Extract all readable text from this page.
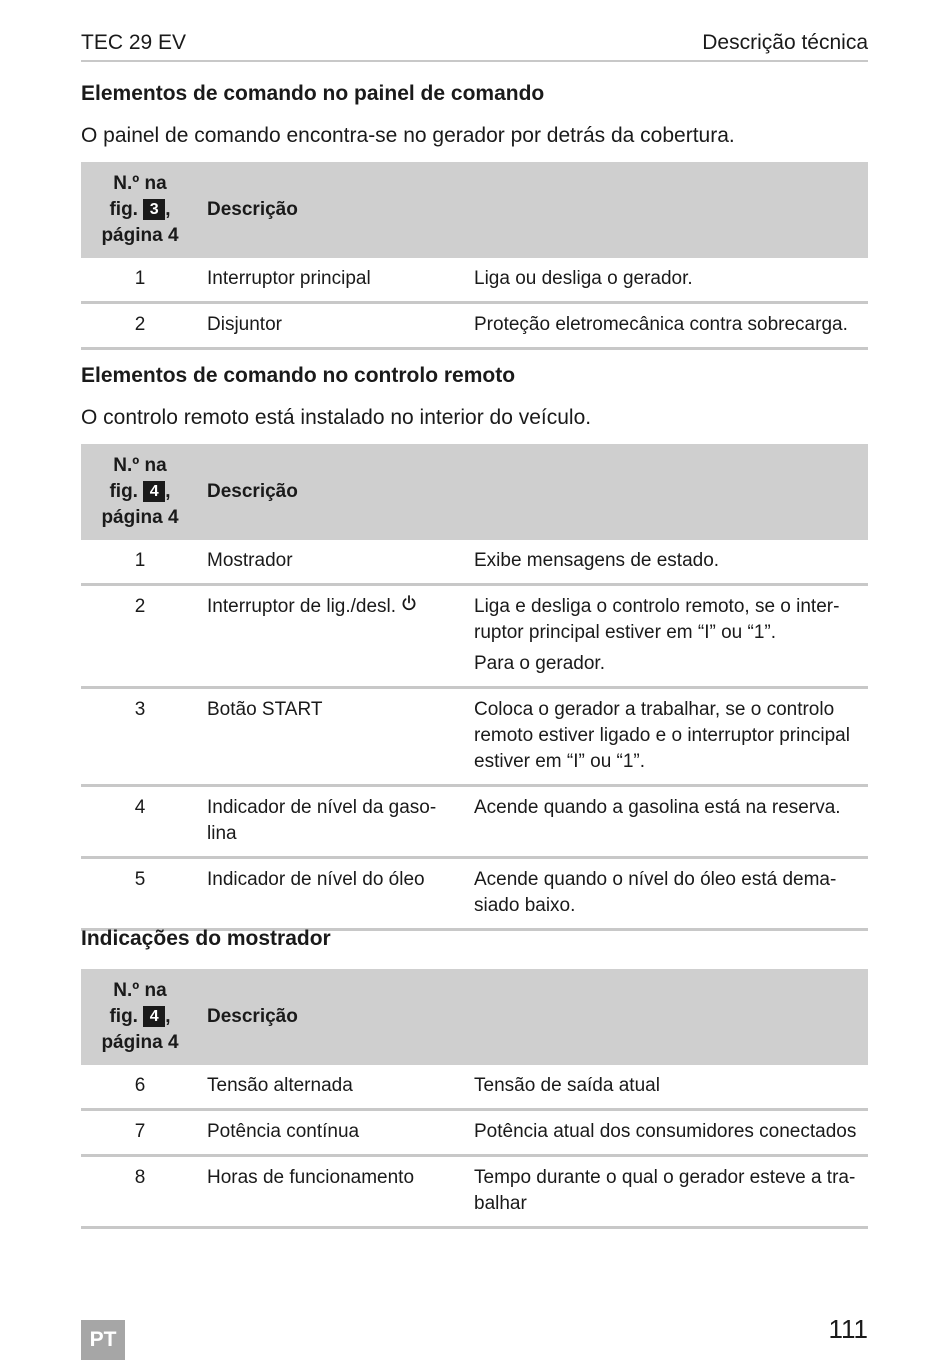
TEC 29 EV	Descrição técnica
Elementos de comando no painel de comando
O painel de comando encontra-se no gerador por detrás da cobertura.
N.º na
fig. 3 ,
página 4	Descrição	
1	Interruptor principal	Liga ou desliga o gerador.
2	Disjuntor	Proteção eletromecânica contra sobrecarga.
Elementos de comando no controlo remoto
O controlo remoto está instalado no interior do veículo.
N.º na
fig. 4 ,
página 4	Descrição	
1	Mostrador	Exibe mensagens de estado.
2	Interruptor de lig./desl.	Liga e desliga o controlo remoto, se o inter- ruptor principal estiver em “I” ou “1”.
Para o gerador.

3	Botão START	Coloca o gerador a trabalhar, se o controlo remoto estiver ligado e o interruptor principal estiver em “I” ou “1”.
4	Indicador de nível da gaso- lina	Acende quando a gasolina está na reserva.
5	Indicador de nível do óleo	Acende quando o nível do óleo está dema- siado baixo.
Indicações do mostrador
N.º na
fig. 4 ,
página 4	Descrição	
6	Tensão alternada	Tensão de saída atual
7	Potência contínua	Potência atual dos consumidores conectados
8	Horas de funcionamento	Tempo durante o qual o gerador esteve a tra- balhar
PT	111
